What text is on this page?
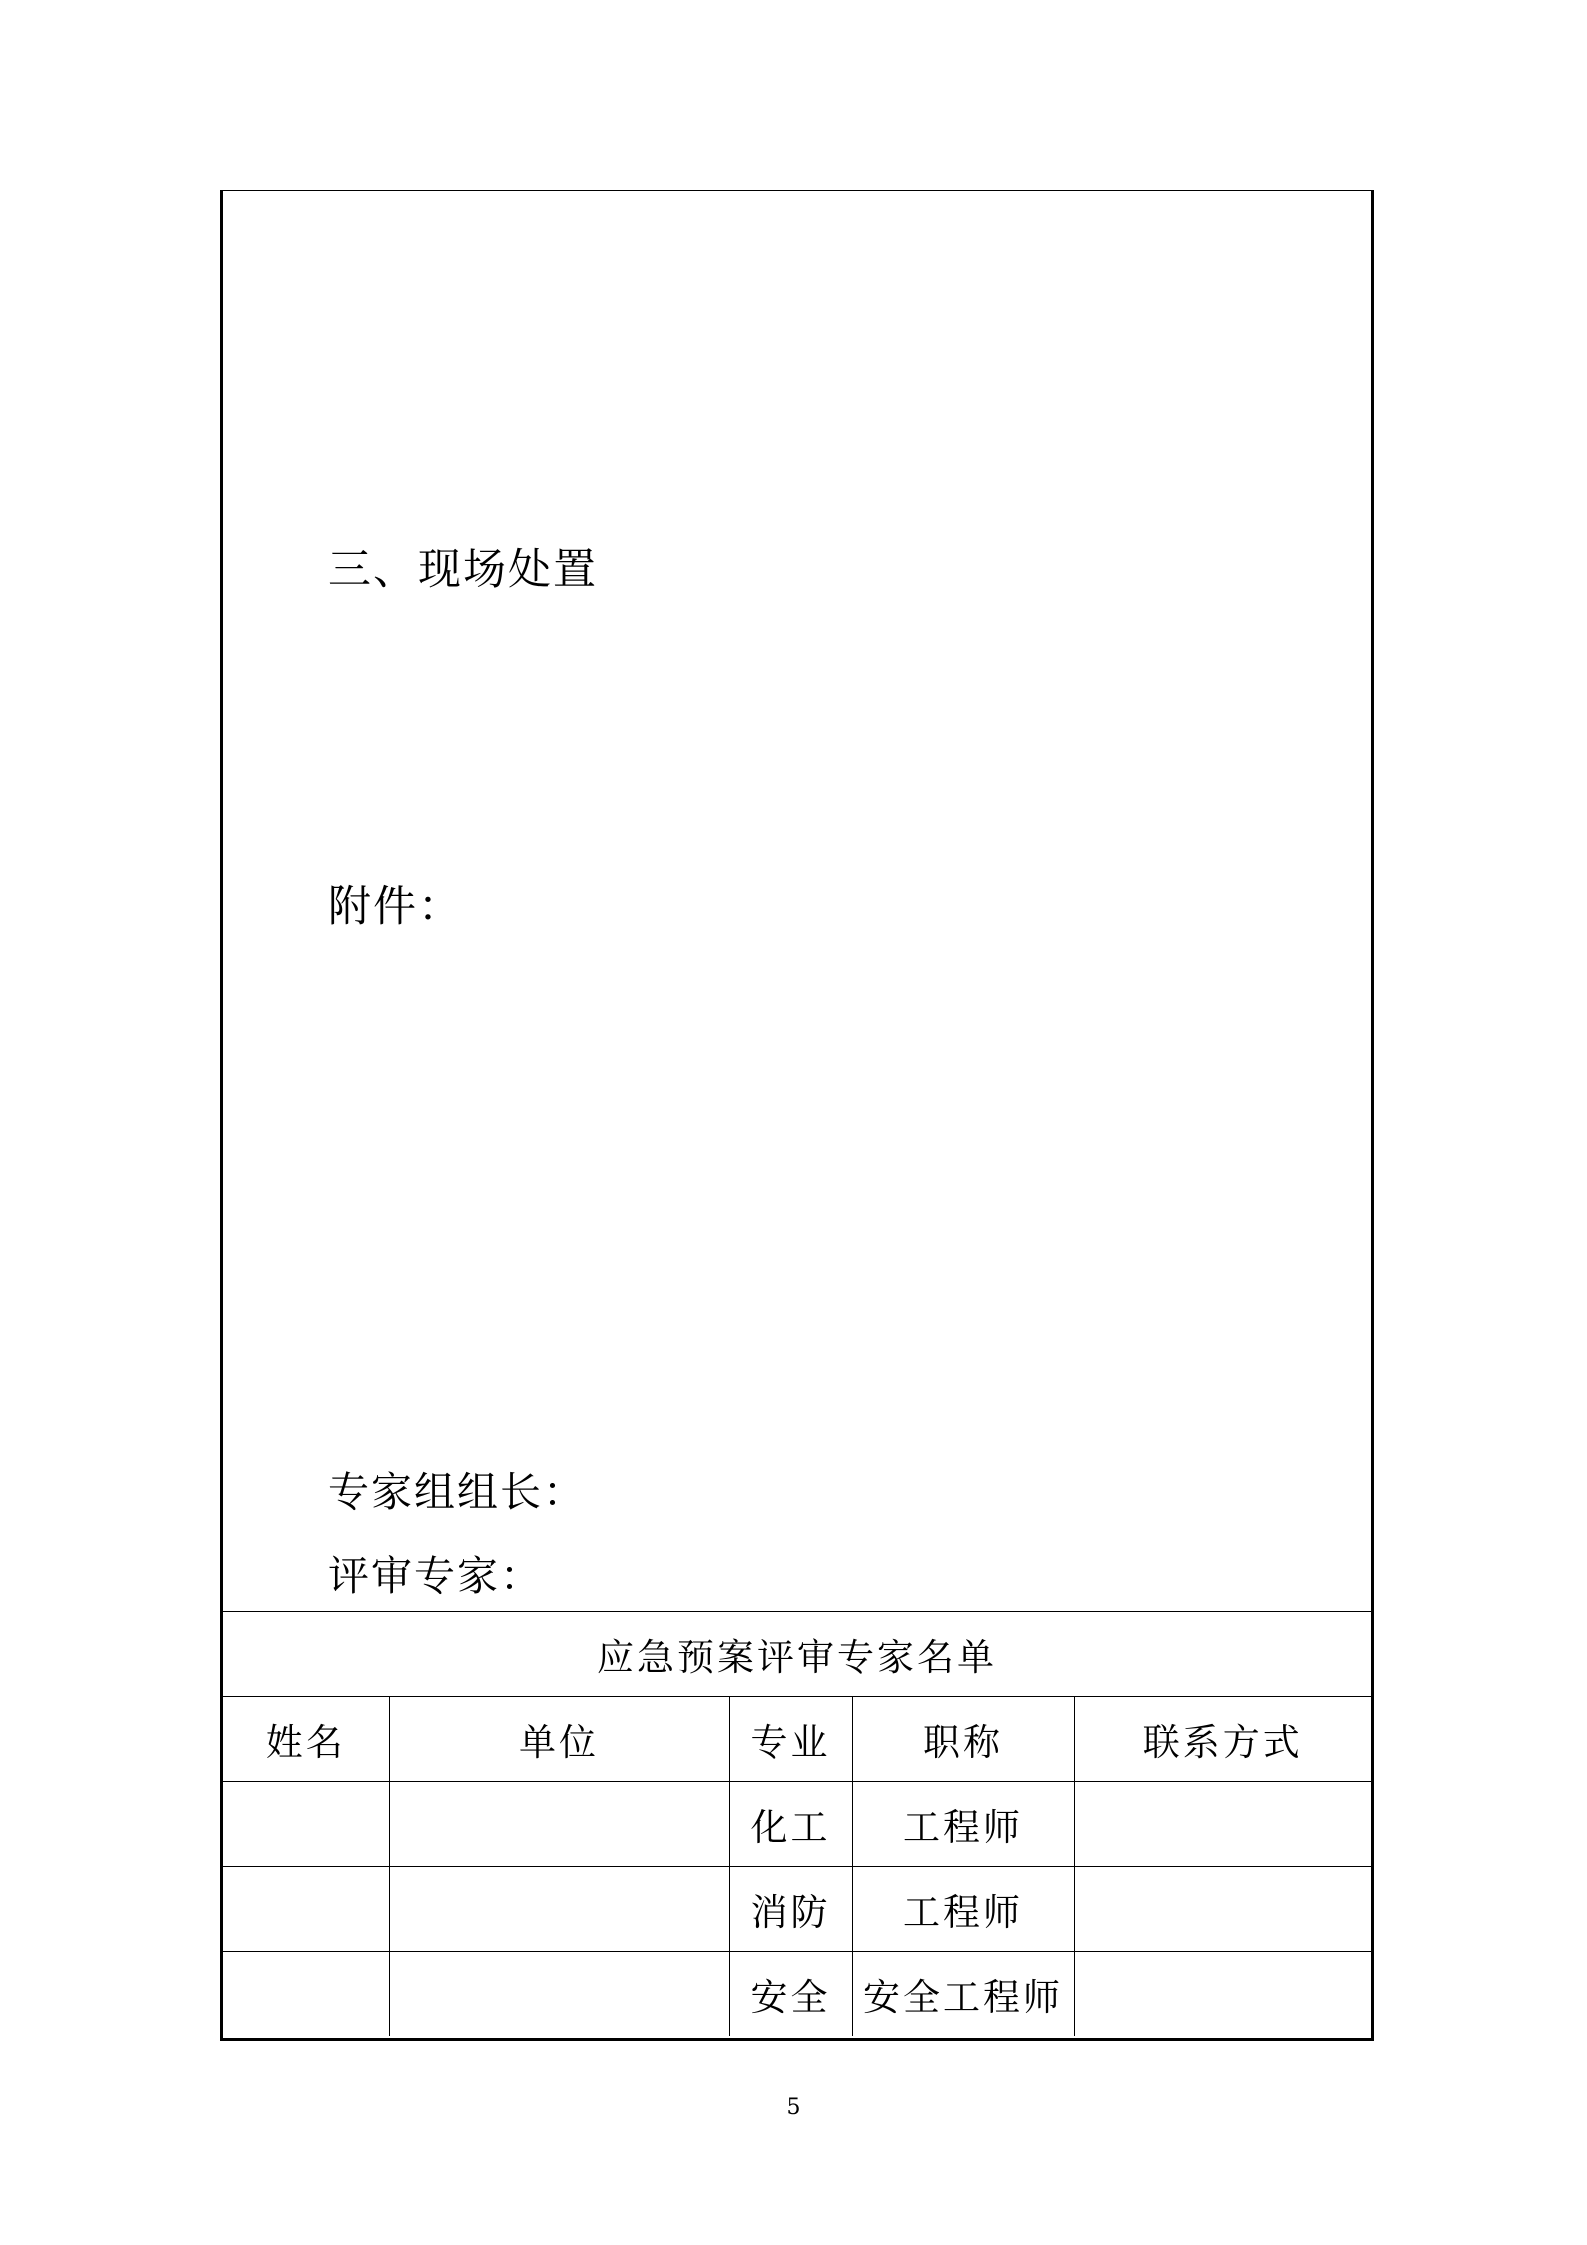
三、现场处置
附件：
专家组组长：
评审专家：
应急预案评审专家名单				
姓名	单位	专业	职称	联系方式
		化工	工程师	
		消防	工程师	
		安全	安全工程师	
5
